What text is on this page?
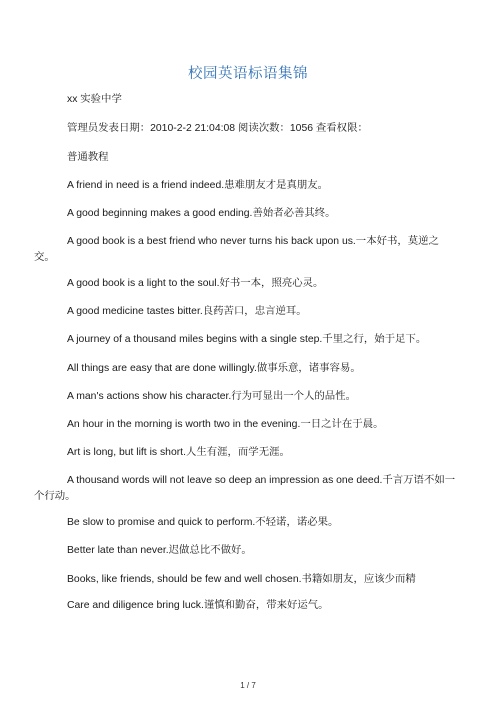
校园英语标语集锦
xx 实验中学
管理员发表日期：2010-2-2 21:04:08 阅读次数：1056 查看权限：
普通教程
A friend in need is a friend indeed.患难朋友才是真朋友。
A good beginning makes a good ending.善始者必善其终。
A good book is a best friend who never turns his back upon us.一本好书，莫逆之交。
A good book is a light to the soul.好书一本，照亮心灵。
A good medicine tastes bitter.良药苦口，忠言逆耳。
A journey of a thousand miles begins with a single step.千里之行，始于足下。
All things are easy that are done willingly.做事乐意，诸事容易。
A man's actions show his character.行为可显出一个人的品性。
An hour in the morning is worth two in the evening.一日之计在于晨。
Art is long, but lift is short.人生有涯，而学无涯。
A thousand words will not leave so deep an impression as one deed.千言万语不如一个行动。
Be slow to promise and quick to perform.不轻诺，诺必果。
Better late than never.迟做总比不做好。
Books, like friends, should be few and well chosen.书籍如朋友，应该少而精
Care and diligence bring luck.谨慎和勤奋，带来好运气。
1 / 7
